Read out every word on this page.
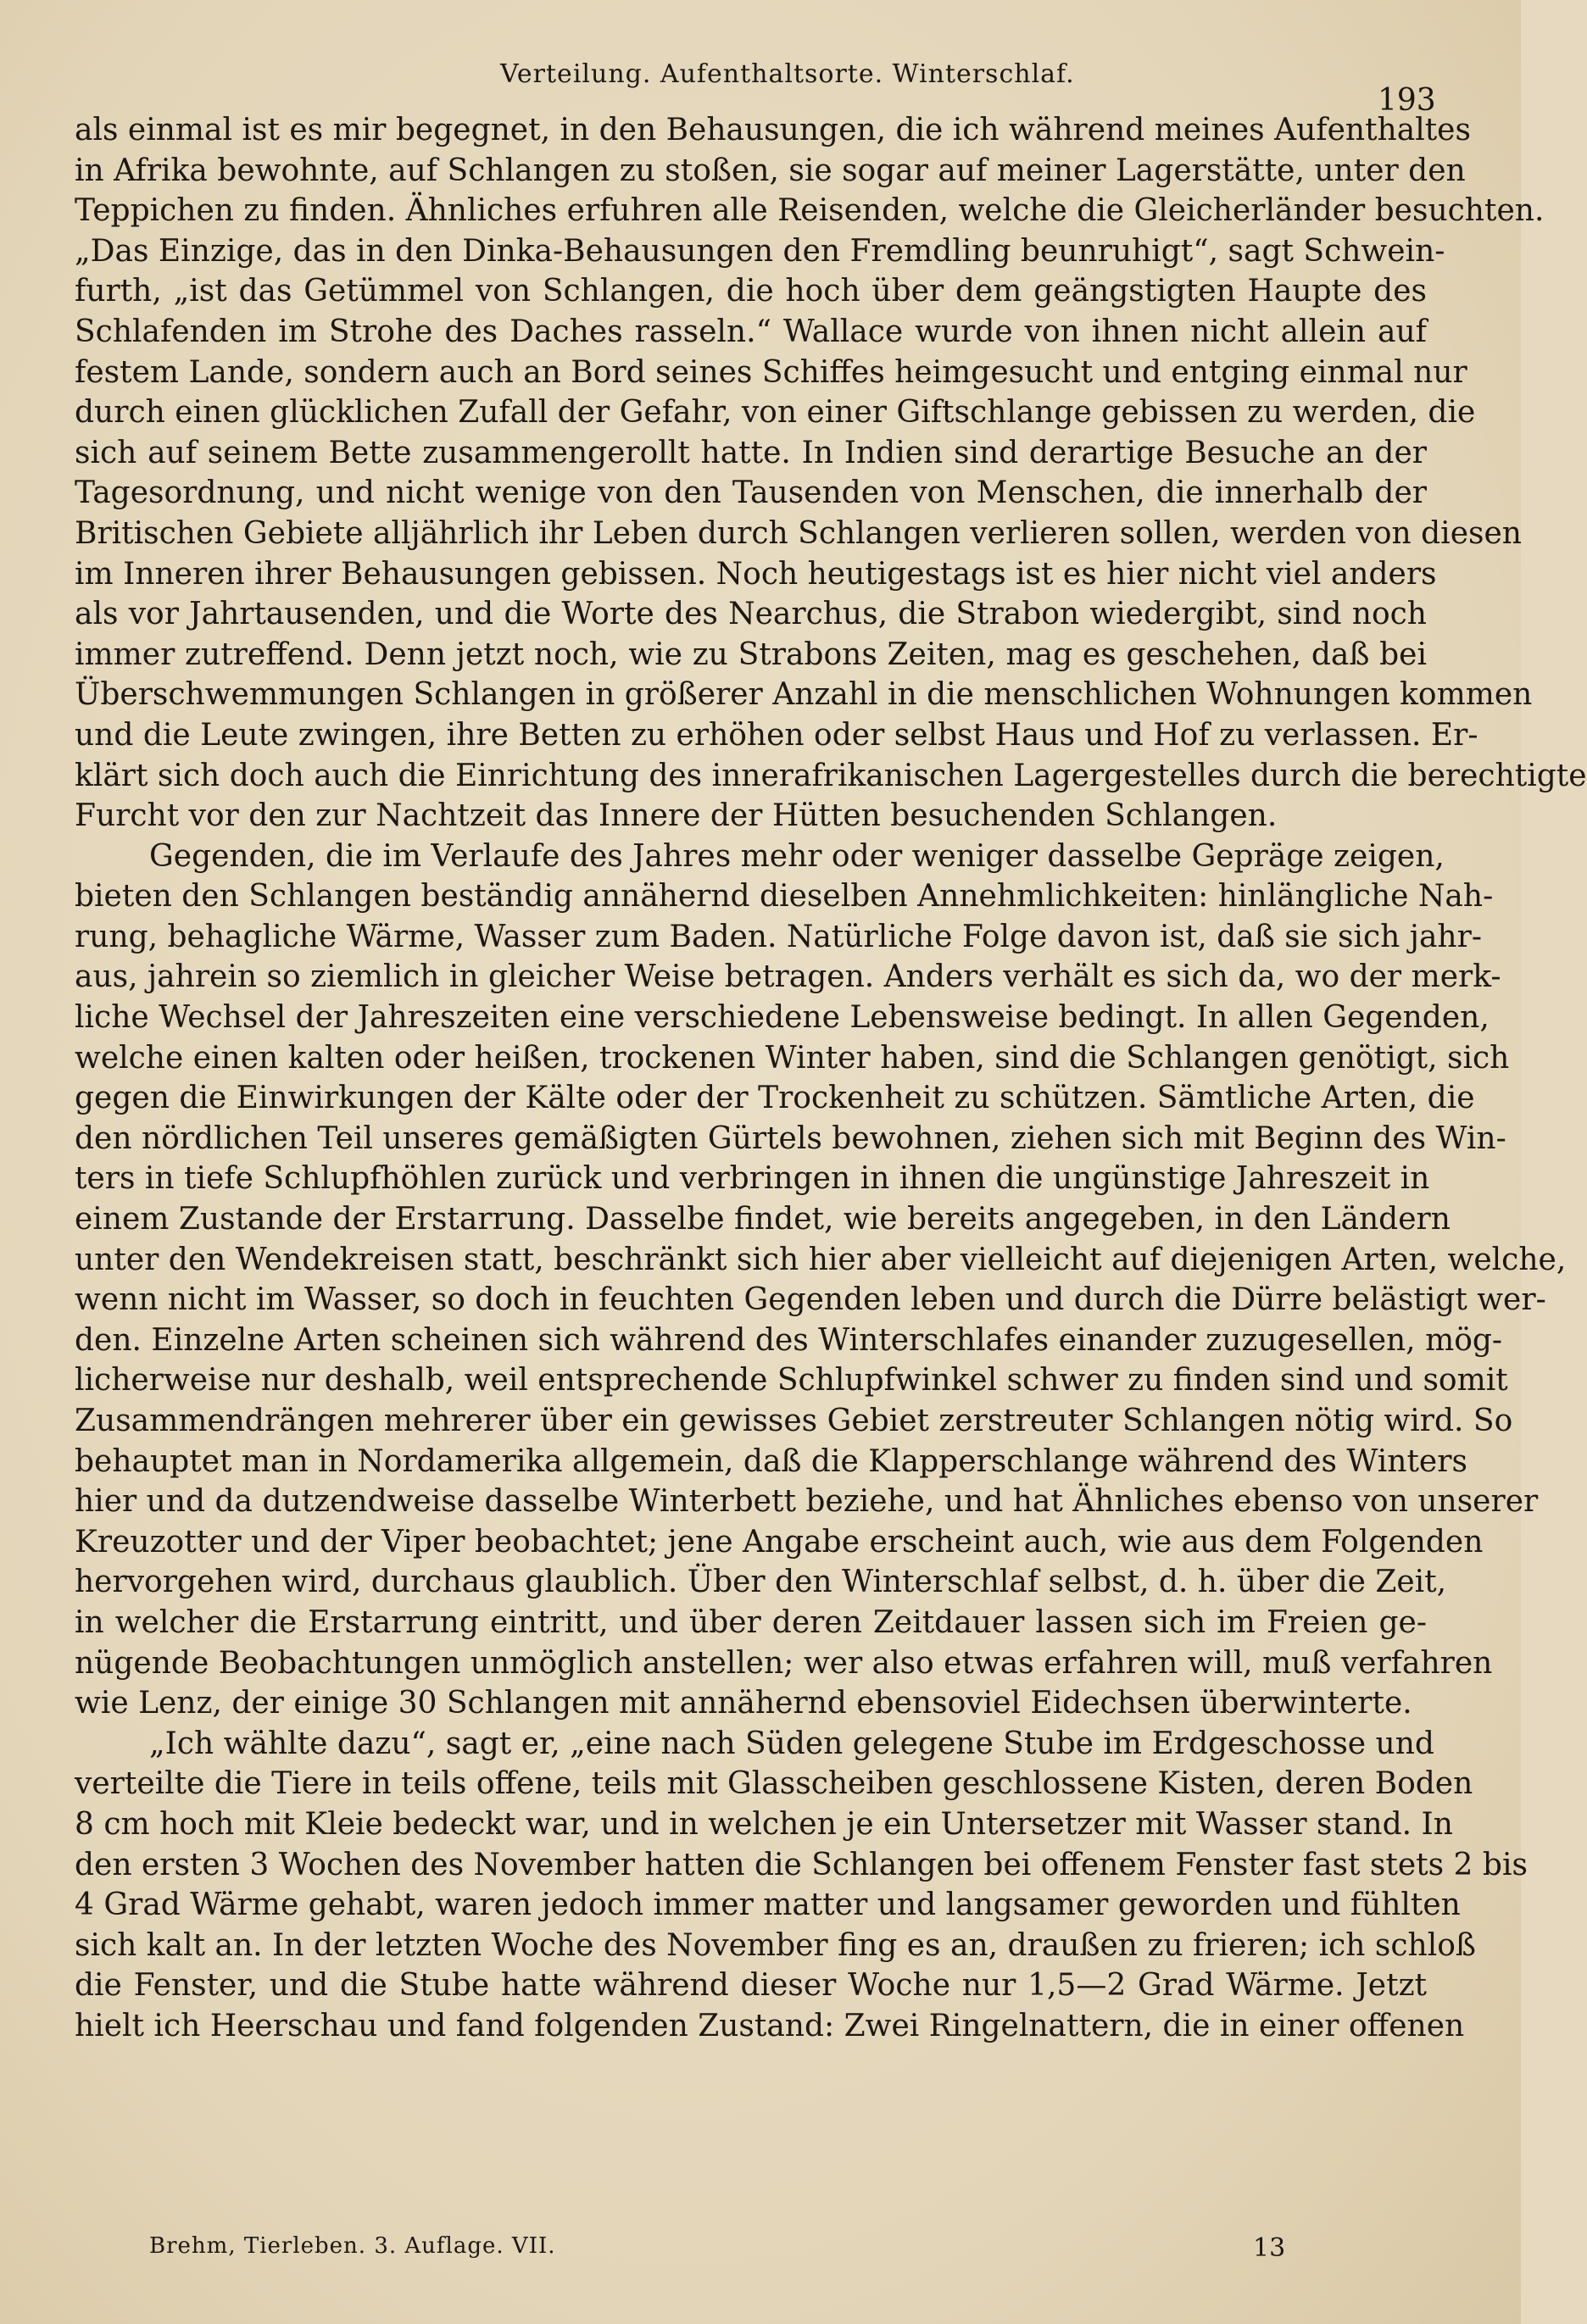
Verteilung. Aufenthaltsorte. Winterschlaf.
193
als einmal ist es mir begegnet, in den Behausungen, die ich während meines Aufenthaltes
in Afrika bewohnte, auf Schlangen zu stoßen, sie sogar auf meiner Lagerstätte, unter den
Teppichen zu finden. Ähnliches erfuhren alle Reisenden, welche die Gleicherländer besuchten.
„Das Einzige, das in den Dinka-Behausungen den Fremdling beunruhigt“, sagt Schwein-
furth, „ist das Getümmel von Schlangen, die hoch über dem geängstigten Haupte des
Schlafenden im Strohe des Daches rasseln.“ Wallace wurde von ihnen nicht allein auf
festem Lande, sondern auch an Bord seines Schiffes heimgesucht und entging einmal nur
durch einen glücklichen Zufall der Gefahr, von einer Giftschlange gebissen zu werden, die
sich auf seinem Bette zusammengerollt hatte. In Indien sind derartige Besuche an der
Tagesordnung, und nicht wenige von den Tausenden von Menschen, die innerhalb der
Britischen Gebiete alljährlich ihr Leben durch Schlangen verlieren sollen, werden von diesen
im Inneren ihrer Behausungen gebissen. Noch heutigestags ist es hier nicht viel anders
als vor Jahrtausenden, und die Worte des Nearchus, die Strabon wiedergibt, sind noch
immer zutreffend. Denn jetzt noch, wie zu Strabons Zeiten, mag es geschehen, daß bei
Überschwemmungen Schlangen in größerer Anzahl in die menschlichen Wohnungen kommen
und die Leute zwingen, ihre Betten zu erhöhen oder selbst Haus und Hof zu verlassen. Er-
klärt sich doch auch die Einrichtung des innerafrikanischen Lagergestelles durch die berechtigte
Furcht vor den zur Nachtzeit das Innere der Hütten besuchenden Schlangen.
Gegenden, die im Verlaufe des Jahres mehr oder weniger dasselbe Gepräge zeigen,
bieten den Schlangen beständig annähernd dieselben Annehmlichkeiten: hinlängliche Nah-
rung, behagliche Wärme, Wasser zum Baden. Natürliche Folge davon ist, daß sie sich jahr-
aus, jahrein so ziemlich in gleicher Weise betragen. Anders verhält es sich da, wo der merk-
liche Wechsel der Jahreszeiten eine verschiedene Lebensweise bedingt. In allen Gegenden,
welche einen kalten oder heißen, trockenen Winter haben, sind die Schlangen genötigt, sich
gegen die Einwirkungen der Kälte oder der Trockenheit zu schützen. Sämtliche Arten, die
den nördlichen Teil unseres gemäßigten Gürtels bewohnen, ziehen sich mit Beginn des Win-
ters in tiefe Schlupfhöhlen zurück und verbringen in ihnen die ungünstige Jahreszeit in
einem Zustande der Erstarrung. Dasselbe findet, wie bereits angegeben, in den Ländern
unter den Wendekreisen statt, beschränkt sich hier aber vielleicht auf diejenigen Arten, welche,
wenn nicht im Wasser, so doch in feuchten Gegenden leben und durch die Dürre belästigt wer-
den. Einzelne Arten scheinen sich während des Winterschlafes einander zuzugesellen, mög-
licherweise nur deshalb, weil entsprechende Schlupfwinkel schwer zu finden sind und somit
Zusammendrängen mehrerer über ein gewisses Gebiet zerstreuter Schlangen nötig wird. So
behauptet man in Nordamerika allgemein, daß die Klapperschlange während des Winters
hier und da dutzendweise dasselbe Winterbett beziehe, und hat Ähnliches ebenso von unserer
Kreuzotter und der Viper beobachtet; jene Angabe erscheint auch, wie aus dem Folgenden
hervorgehen wird, durchaus glaublich. Über den Winterschlaf selbst, d. h. über die Zeit,
in welcher die Erstarrung eintritt, und über deren Zeitdauer lassen sich im Freien ge-
nügende Beobachtungen unmöglich anstellen; wer also etwas erfahren will, muß verfahren
wie Lenz, der einige 30 Schlangen mit annähernd ebensoviel Eidechsen überwinterte.
„Ich wählte dazu“, sagt er, „eine nach Süden gelegene Stube im Erdgeschosse und
verteilte die Tiere in teils offene, teils mit Glasscheiben geschlossene Kisten, deren Boden
8 cm hoch mit Kleie bedeckt war, und in welchen je ein Untersetzer mit Wasser stand. In
den ersten 3 Wochen des November hatten die Schlangen bei offenem Fenster fast stets 2 bis
4 Grad Wärme gehabt, waren jedoch immer matter und langsamer geworden und fühlten
sich kalt an. In der letzten Woche des November fing es an, draußen zu frieren; ich schloß
die Fenster, und die Stube hatte während dieser Woche nur 1,5—2 Grad Wärme. Jetzt
hielt ich Heerschau und fand folgenden Zustand: Zwei Ringelnattern, die in einer offenen
Brehm, Tierleben. 3. Auflage. VII.	13
